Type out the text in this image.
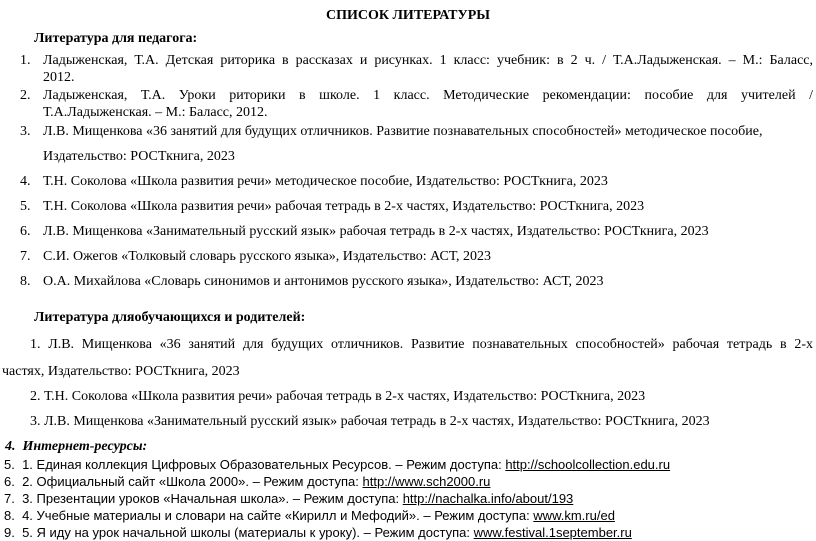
СПИСОК ЛИТЕРАТУРЫ
Литература для педагога:
1. Ладыженская, Т.А. Детская риторика в рассказах и рисунках. 1 класс: учебник: в 2 ч. / Т.А.Ладыженская. – М.: Баласс,
2012.
2. Ладыженская, Т.А. Уроки риторики в школе. 1 класс. Методические рекомендации: пособие для учителей /
Т.А.Ладыженская. – М.: Баласс, 2012.
3. Л.В. Мищенкова «36 занятий для будущих отличников. Развитие познавательных способностей» методическое пособие,
Издательство: РОСТкнига, 2023
4. Т.Н. Соколова «Школа развития речи» методическое пособие, Издательство: РОСТкнига, 2023
5. Т.Н. Соколова «Школа развития речи» рабочая тетрадь в 2-х частях, Издательство: РОСТкнига, 2023
6. Л.В. Мищенкова «Занимательный русский язык» рабочая тетрадь в 2-х частях, Издательство: РОСТкнига, 2023
7. С.И. Ожегов «Толковый словарь русского языка», Издательство: АСТ, 2023
8. О.А. Михайлова «Словарь синонимов и антонимов русского языка», Издательство: АСТ, 2023
Литература дляобучающихся и родителей:
1. Л.В. Мищенкова «36 занятий для будущих отличников. Развитие познавательных способностей» рабочая тетрадь в 2-х
частях, Издательство: РОСТкнига, 2023
2. Т.Н. Соколова «Школа развития речи» рабочая тетрадь в 2-х частях, Издательство: РОСТкнига, 2023
3. Л.В. Мищенкова «Занимательный русский язык» рабочая тетрадь в 2-х частях, Издательство: РОСТкнига, 2023
4. Интернет-ресурсы:
5. 1. Единая коллекция Цифровых Образовательных Ресурсов. – Режим доступа: http://schoolcollection.edu.ru
6. 2. Официальный сайт «Школа 2000». – Режим доступа: http://www.sch2000.ru
7. 3. Презентации уроков «Начальная школа». – Режим доступа: http://nachalka.info/about/193
8. 4. Учебные материалы и словари на сайте «Кирилл и Мефодий». – Режим доступа: www.km.ru/ed
9. 5. Я иду на урок начальной школы (материалы к уроку). – Режим доступа: www.festival.1september.ru
